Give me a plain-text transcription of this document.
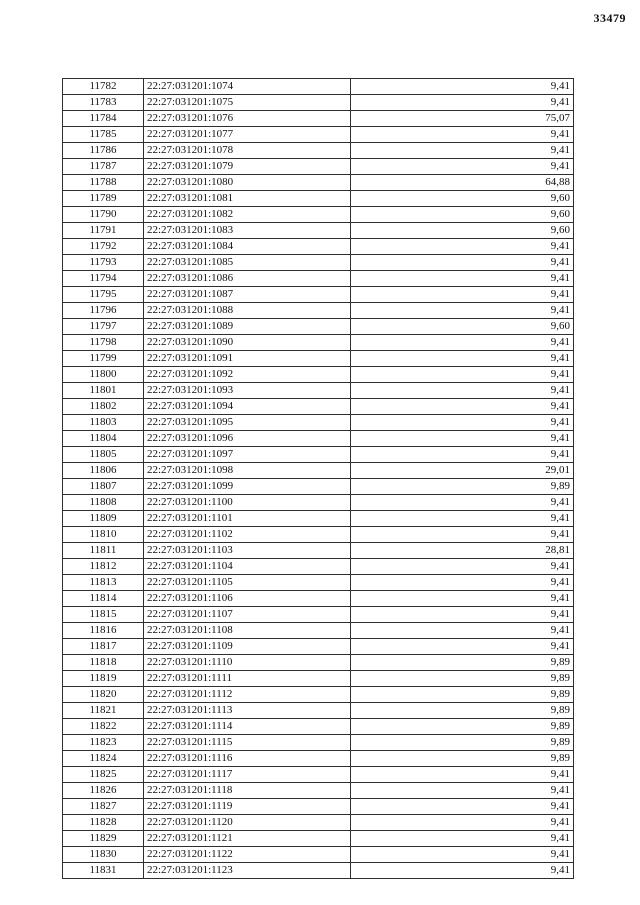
33479
11782	22:27:031201:1074	9,41
11783	22:27:031201:1075	9,41
11784	22:27:031201:1076	75,07
11785	22:27:031201:1077	9,41
11786	22:27:031201:1078	9,41
11787	22:27:031201:1079	9,41
11788	22:27:031201:1080	64,88
11789	22:27:031201:1081	9,60
11790	22:27:031201:1082	9,60
11791	22:27:031201:1083	9,60
11792	22:27:031201:1084	9,41
11793	22:27:031201:1085	9,41
11794	22:27:031201:1086	9,41
11795	22:27:031201:1087	9,41
11796	22:27:031201:1088	9,41
11797	22:27:031201:1089	9,60
11798	22:27:031201:1090	9,41
11799	22:27:031201:1091	9,41
11800	22:27:031201:1092	9,41
11801	22:27:031201:1093	9,41
11802	22:27:031201:1094	9,41
11803	22:27:031201:1095	9,41
11804	22:27:031201:1096	9,41
11805	22:27:031201:1097	9,41
11806	22:27:031201:1098	29,01
11807	22:27:031201:1099	9,89
11808	22:27:031201:1100	9,41
11809	22:27:031201:1101	9,41
11810	22:27:031201:1102	9,41
11811	22:27:031201:1103	28,81
11812	22:27:031201:1104	9,41
11813	22:27:031201:1105	9,41
11814	22:27:031201:1106	9,41
11815	22:27:031201:1107	9,41
11816	22:27:031201:1108	9,41
11817	22:27:031201:1109	9,41
11818	22:27:031201:1110	9,89
11819	22:27:031201:1111	9,89
11820	22:27:031201:1112	9,89
11821	22:27:031201:1113	9,89
11822	22:27:031201:1114	9,89
11823	22:27:031201:1115	9,89
11824	22:27:031201:1116	9,89
11825	22:27:031201:1117	9,41
11826	22:27:031201:1118	9,41
11827	22:27:031201:1119	9,41
11828	22:27:031201:1120	9,41
11829	22:27:031201:1121	9,41
11830	22:27:031201:1122	9,41
11831	22:27:031201:1123	9,41
